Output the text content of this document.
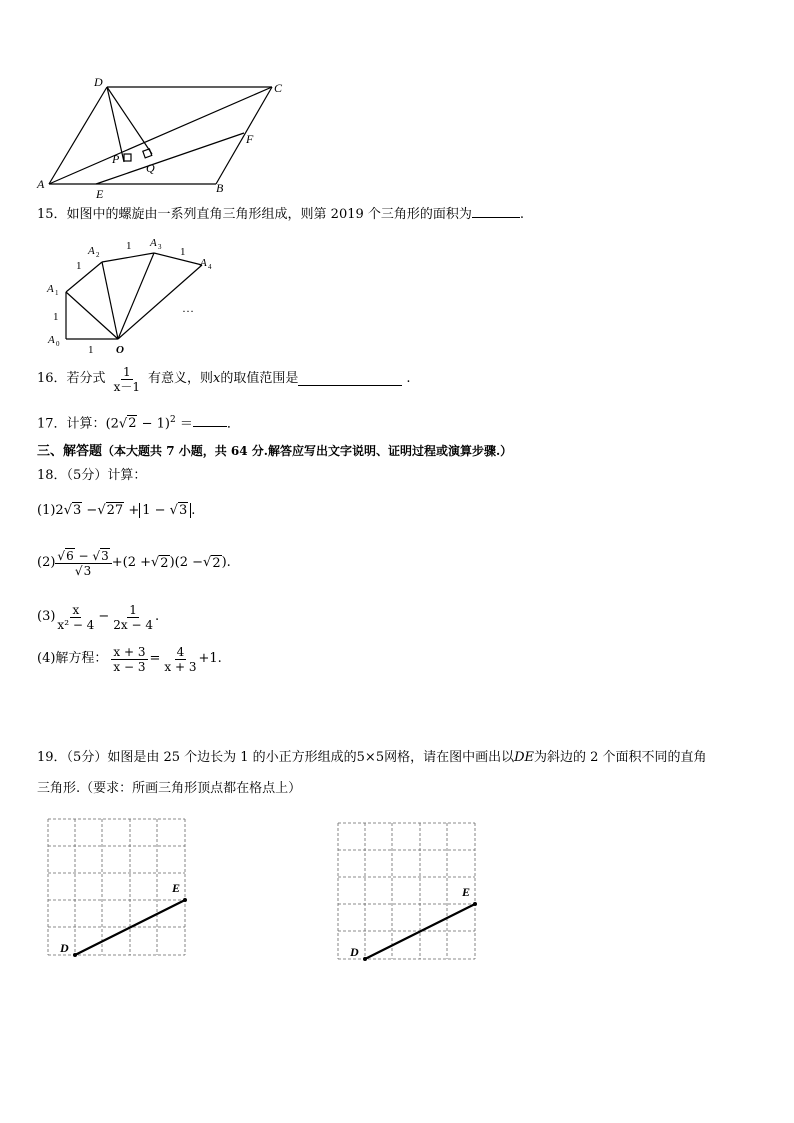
D	C
A	B
P
Q
E
F
15．如图中的螺旋由一系列直角三角形组成，则第 2019 个三角形的面积为	.
A 0
A 1
A 2
A 3
A 4
O
1
1
1
1	1
…
16． 若分式 $\frac{1}{x-1}$ 有意义，则 x 的取值范围是	.
17．计算：$(2√2 - 1)^2$ ＝	．
三、解答题（本大题共 7 小题，共 64 分.解答应写出文字说明、证明过程或演算步骤.）
18．（5分）计算：
(1)2√3 −√27 + 1 − √3 .
$(2) \frac{√6 - √3}{√3}$ + ( 2 + √ 2 ) ( 2 − √ 2 ) .
$(3) \frac{x}{\text{x² − 4}} - \frac{1}{2x - 4}$ .
(4)解方程： $\frac{x + 3}{x - 3} = \frac{4}{x + 3} +1$.
19．（5分）如图是由 25 个边长为 1 的小正方形组成的5×5网格，请在图中画出以DE为斜边的 2 个面积不同的直角
三角形.（要求：所画三角形顶点都在格点上）
D
E
D
E
